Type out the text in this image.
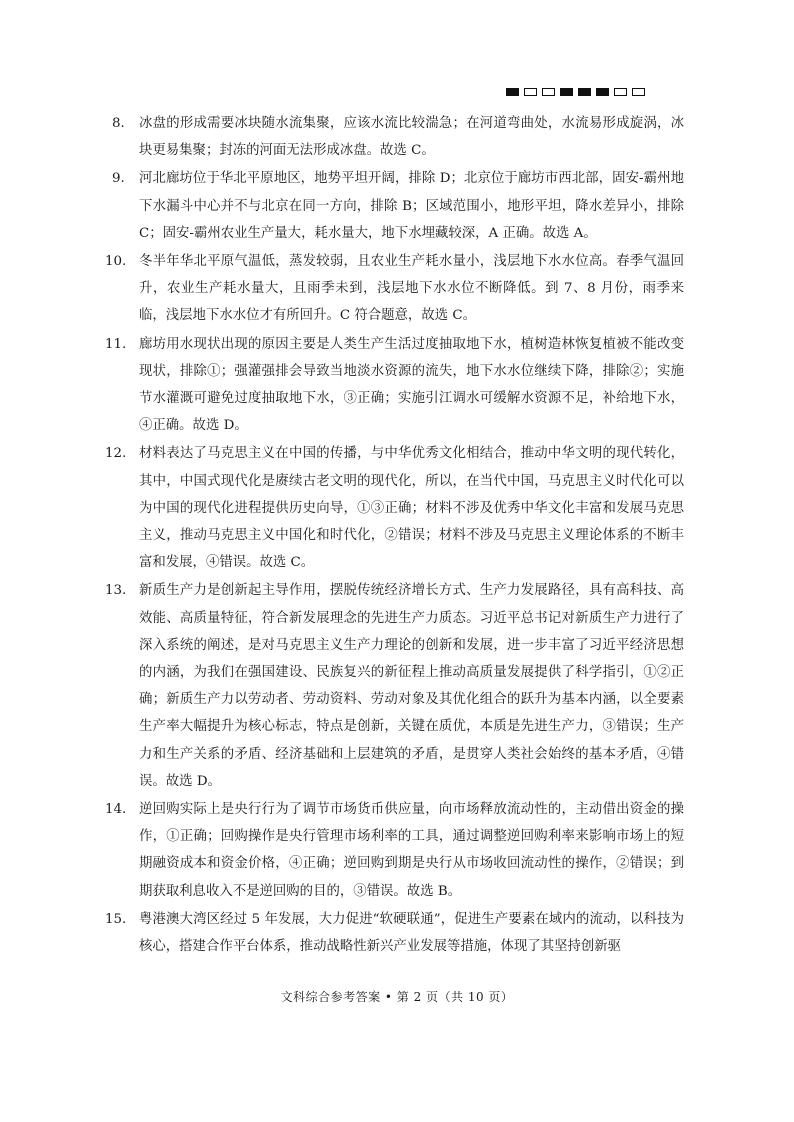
8. 冰盘的形成需要冰块随水流集聚，应该水流比较湍急；在河道弯曲处，水流易形成旋涡，冰块更易集聚；封冻的河面无法形成冰盘。故选 C。
9. 河北廊坊位于华北平原地区，地势平坦开阔，排除 D；北京位于廊坊市西北部，固安-霸州地下水漏斗中心并不与北京在同一方向，排除 B；区域范围小，地形平坦，降水差异小，排除 C；固安-霸州农业生产量大，耗水量大，地下水埋藏较深，A 正确。故选 A。
10. 冬半年华北平原气温低，蒸发较弱，且农业生产耗水量小，浅层地下水水位高。春季气温回升，农业生产耗水量大，且雨季未到，浅层地下水水位不断降低。到 7、8 月份，雨季来临，浅层地下水水位才有所回升。C 符合题意，故选 C。
11. 廊坊用水现状出现的原因主要是人类生产生活过度抽取地下水，植树造林恢复植被不能改变现状，排除①；强灌强排会导致当地淡水资源的流失，地下水水位继续下降，排除②；实施节水灌溉可避免过度抽取地下水，③正确；实施引江调水可缓解水资源不足，补给地下水，④正确。故选 D。
12. 材料表达了马克思主义在中国的传播，与中华优秀文化相结合，推动中华文明的现代转化，其中，中国式现代化是赓续古老文明的现代化，所以，在当代中国，马克思主义时代化可以为中国的现代化进程提供历史向导，①③正确；材料不涉及优秀中华文化丰富和发展马克思主义，推动马克思主义中国化和时代化，②错误；材料不涉及马克思主义理论体系的不断丰富和发展，④错误。故选 C。
13. 新质生产力是创新起主导作用，摆脱传统经济增长方式、生产力发展路径，具有高科技、高效能、高质量特征，符合新发展理念的先进生产力质态。习近平总书记对新质生产力进行了深入系统的阐述，是对马克思主义生产力理论的创新和发展，进一步丰富了习近平经济思想的内涵，为我们在强国建设、民族复兴的新征程上推动高质量发展提供了科学指引，①②正确；新质生产力以劳动者、劳动资料、劳动对象及其优化组合的跃升为基本内涵，以全要素生产率大幅提升为核心标志，特点是创新，关键在质优，本质是先进生产力，③错误；生产力和生产关系的矛盾、经济基础和上层建筑的矛盾，是贯穿人类社会始终的基本矛盾，④错误。故选 D。
14. 逆回购实际上是央行行为了调节市场货币供应量，向市场释放流动性的，主动借出资金的操作，①正确；回购操作是央行管理市场利率的工具，通过调整逆回购利率来影响市场上的短期融资成本和资金价格，④正确；逆回购到期是央行从市场收回流动性的操作，②错误；到期获取利息收入不是逆回购的目的，③错误。故选 B。
15. 粤港澳大湾区经过 5 年发展，大力促进“软硬联通”，促进生产要素在域内的流动，以科技为核心，搭建合作平台体系，推动战略性新兴产业发展等措施，体现了其坚持创新驱
文科综合参考答案 • 第 2 页（共 10 页）
